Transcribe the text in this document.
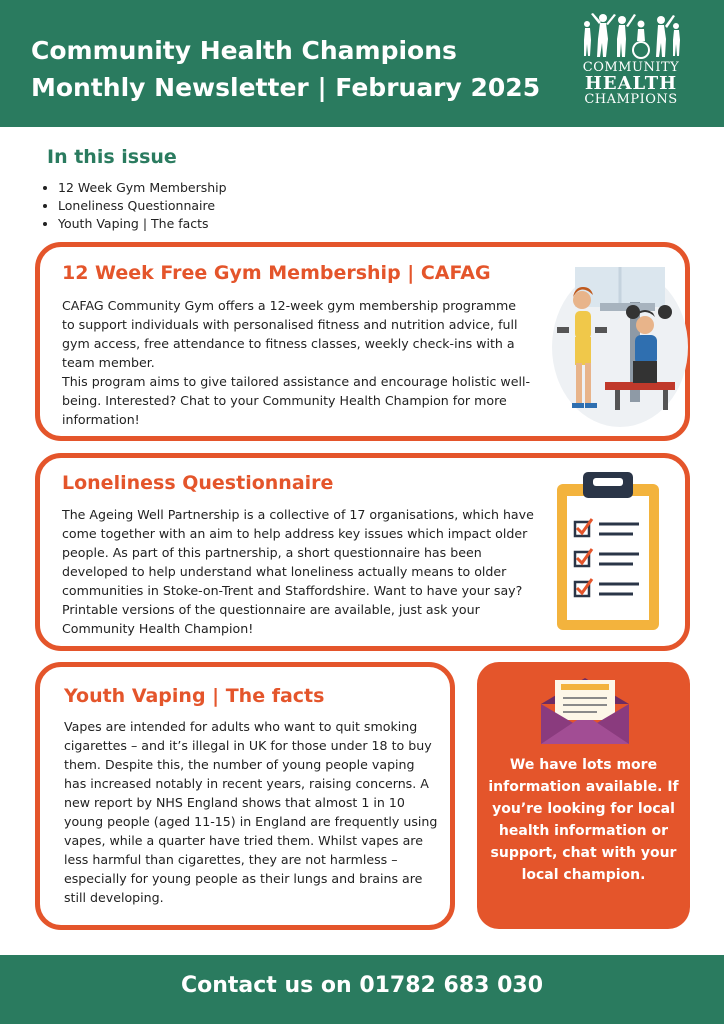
Community Health Champions
Monthly Newsletter | February 2025
COMMUNITY
HEALTH
CHAMPIONS
In this issue
• 12 Week Gym Membership
• Loneliness Questionnaire
• Youth Vaping | The facts
12 Week Free Gym Membership | CAFAG
CAFAG Community Gym offers a 12-week gym membership programme to support individuals with personalised fitness and nutrition advice, full gym access, free attendance to fitness classes, weekly check-ins with a team member.
This program aims to give tailored assistance and encourage holistic well-being. Interested? Chat to your Community Health Champion for more information!
Loneliness Questionnaire
The Ageing Well Partnership is a collective of 17 organisations, which have come together with an aim to help address key issues which impact older people. As part of this partnership, a short questionnaire has been developed to help understand what loneliness actually means to older communities in Stoke-on-Trent and Staffordshire. Want to have your say? Printable versions of the questionnaire are available, just ask your Community Health Champion!
Youth Vaping | The facts
Vapes are intended for adults who want to quit smoking cigarettes – and it’s illegal in UK for those under 18 to buy them. Despite this, the number of young people vaping has increased notably in recent years, raising concerns. A new report by NHS England shows that almost 1 in 10 young people (aged 11-15) in England are frequently using vapes, while a quarter have tried them. Whilst vapes are less harmful than cigarettes, they are not harmless – especially for young people as their lungs and brains are still developing.
We have lots more information available. If you’re looking for local health information or support, chat with your local champion.
Contact us on 01782 683 030
